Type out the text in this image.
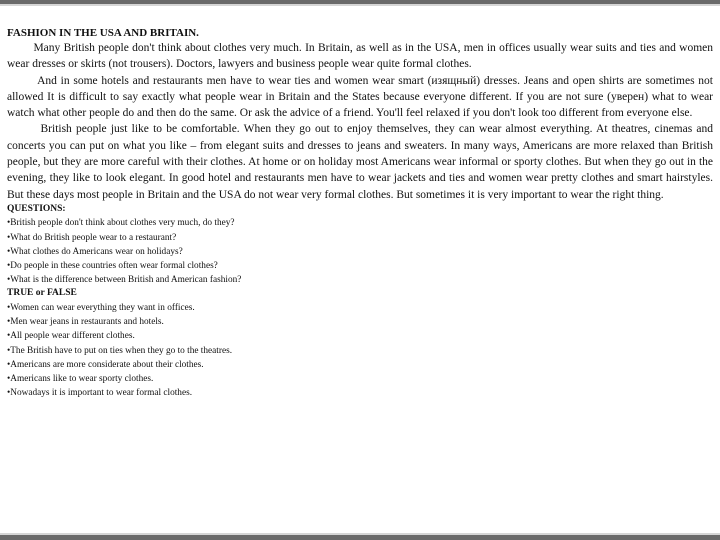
FASHION IN THE USA AND BRITAIN.

Many British people don't think about clothes very much. In Britain, as well as in the USA, men in offices usually wear suits and ties and women wear dresses or skirts (not trousers). Doctors, lawyers and business people wear quite formal clothes.

And in some hotels and restaurants men have to wear ties and women wear smart (изящный) dresses. Jeans and open shirts are sometimes not allowed It is difficult to say exactly what people wear in Britain and the States because everyone different. If you are not sure (уверен) what to wear watch what other people do and then do the same. Or ask the advice of a friend. You'll feel relaxed if you don't look too different from everyone else.

British people just like to be comfortable. When they go out to enjoy themselves, they can wear almost everything. At theatres, cinemas and concerts you can put on what you like – from elegant suits and dresses to jeans and sweaters. In many ways, Americans are more relaxed than British people, but they are more careful with their clothes. At home or on holiday most Americans wear informal or sporty clothes. But when they go out in the evening, they like to look elegant. In good hotel and restaurants men have to wear jackets and ties and women wear pretty clothes and smart hairstyles. But these days most people in Britain and the USA do not wear very formal clothes. But sometimes it is very important to wear the right thing.

QUESTIONS:

•British people don't think about clothes very much, do they?

•What do British people wear to a restaurant?

•What clothes do Americans wear on holidays?

•Do people in these countries often wear formal clothes?

•What is the difference between British and American fashion?

TRUE or FALSE

•Women can wear everything they want in offices.

•Men wear jeans in restaurants and hotels.

•All people wear different clothes.

•The British have to put on ties when they go to the theatres.

•Americans are more considerate about their clothes.

•Americans like to wear sporty clothes.

•Nowadays it is important to wear formal clothes.
